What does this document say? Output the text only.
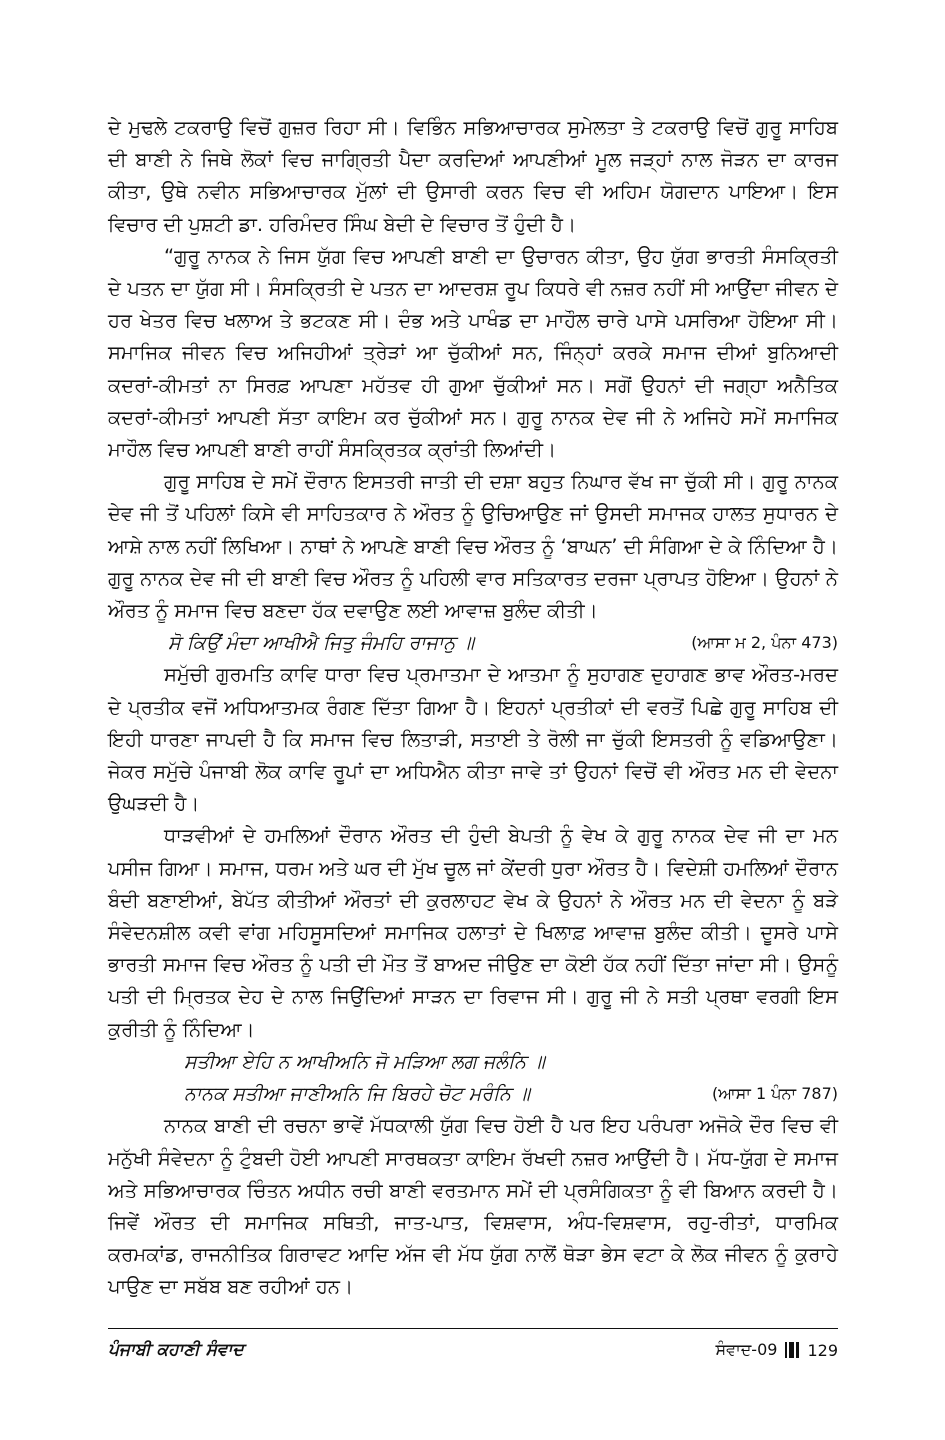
ਦੇ ਮੁਢਲੇ ਟਕਰਾਉ ਵਿਚੋਂ ਗੁਜ਼ਰ ਰਿਹਾ ਸੀ। ਵਿਭਿੰਨ ਸਭਿਆਚਾਰਕ ਸੁਮੇਲਤਾ ਤੇ ਟਕਰਾਉ ਵਿਚੋਂ ਗੁਰੂ ਸਾਹਿਬ ਦੀ ਬਾਣੀ ਨੇ ਜਿਥੇ ਲੋਕਾਂ ਵਿਚ ਜਾਗ੍ਰਿਤੀ ਪੈਦਾ ਕਰਦਿਆਂ ਆਪਣੀਆਂ ਮੂਲ ਜੜ੍ਹਾਂ ਨਾਲ ਜੋੜਨ ਦਾ ਕਾਰਜ ਕੀਤਾ, ਉਥੇ ਨਵੀਨ ਸਭਿਆਚਾਰਕ ਮੁੱਲਾਂ ਦੀ ਉਸਾਰੀ ਕਰਨ ਵਿਚ ਵੀ ਅਹਿਮ ਯੋਗਦਾਨ ਪਾਇਆ। ਇਸ ਵਿਚਾਰ ਦੀ ਪੁਸ਼ਟੀ ਡਾ. ਹਰਿਮੰਦਰ ਸਿੰਘ ਬੇਦੀ ਦੇ ਵਿਚਾਰ ਤੋਂ ਹੁੰਦੀ ਹੈ।

“ਗੁਰੂ ਨਾਨਕ ਨੇ ਜਿਸ ਯੁੱਗ ਵਿਚ ਆਪਣੀ ਬਾਣੀ ਦਾ ਉਚਾਰਨ ਕੀਤਾ, ਉਹ ਯੁੱਗ ਭਾਰਤੀ ਸੰਸਕ੍ਰਿਤੀ ਦੇ ਪਤਨ ਦਾ ਯੁੱਗ ਸੀ। ਸੰਸਕ੍ਰਿਤੀ ਦੇ ਪਤਨ ਦਾ ਆਦਰਸ਼ ਰੂਪ ਕਿਧਰੇ ਵੀ ਨਜ਼ਰ ਨਹੀਂ ਸੀ ਆਉਂਦਾ ਜੀਵਨ ਦੇ ਹਰ ਖੇਤਰ ਵਿਚ ਖਲਾਅ ਤੇ ਭਟਕਣ ਸੀ। ਦੰਭ ਅਤੇ ਪਾਖੰਡ ਦਾ ਮਾਹੌਲ ਚਾਰੇ ਪਾਸੇ ਪਸਰਿਆ ਹੋਇਆ ਸੀ। ਸਮਾਜਿਕ ਜੀਵਨ ਵਿਚ ਅਜਿਹੀਆਂ ਤ੍ਰੇੜਾਂ ਆ ਚੁੱਕੀਆਂ ਸਨ, ਜਿੰਨ੍ਹਾਂ ਕਰਕੇ ਸਮਾਜ ਦੀਆਂ ਬੁਨਿਆਦੀ ਕਦਰਾਂ-ਕੀਮਤਾਂ ਨਾ ਸਿਰਫ਼ ਆਪਣਾ ਮਹੱਤਵ ਹੀ ਗੁਆ ਚੁੱਕੀਆਂ ਸਨ। ਸਗੋਂ ਉਹਨਾਂ ਦੀ ਜਗ੍ਹਾ ਅਨੈਤਿਕ ਕਦਰਾਂ-ਕੀਮਤਾਂ ਆਪਣੀ ਸੱਤਾ ਕਾਇਮ ਕਰ ਚੁੱਕੀਆਂ ਸਨ। ਗੁਰੂ ਨਾਨਕ ਦੇਵ ਜੀ ਨੇ ਅਜਿਹੇ ਸਮੇਂ ਸਮਾਜਿਕ ਮਾਹੌਲ ਵਿਚ ਆਪਣੀ ਬਾਣੀ ਰਾਹੀਂ ਸੰਸਕ੍ਰਿਤਕ ਕ੍ਰਾਂਤੀ ਲਿਆਂਦੀ।

ਗੁਰੂ ਸਾਹਿਬ ਦੇ ਸਮੇਂ ਦੌਰਾਨ ਇਸਤਰੀ ਜਾਤੀ ਦੀ ਦਸ਼ਾ ਬਹੁਤ ਨਿਘਾਰ ਵੱਖ ਜਾ ਚੁੱਕੀ ਸੀ। ਗੁਰੂ ਨਾਨਕ ਦੇਵ ਜੀ ਤੋਂ ਪਹਿਲਾਂ ਕਿਸੇ ਵੀ ਸਾਹਿਤਕਾਰ ਨੇ ਔਰਤ ਨੂੰ ਉਚਿਆਉਣ ਜਾਂ ਉਸਦੀ ਸਮਾਜਕ ਹਾਲਤ ਸੁਧਾਰਨ ਦੇ ਆਸ਼ੇ ਨਾਲ ਨਹੀਂ ਲਿਖਿਆ। ਨਾਥਾਂ ਨੇ ਆਪਣੇ ਬਾਣੀ ਵਿਚ ਔਰਤ ਨੂੰ ‘ਬਾਘਨ’ ਦੀ ਸੰਗਿਆ ਦੇ ਕੇ ਨਿੰਦਿਆ ਹੈ। ਗੁਰੂ ਨਾਨਕ ਦੇਵ ਜੀ ਦੀ ਬਾਣੀ ਵਿਚ ਔਰਤ ਨੂੰ ਪਹਿਲੀ ਵਾਰ ਸਤਿਕਾਰਤ ਦਰਜਾ ਪ੍ਰਾਪਤ ਹੋਇਆ। ਉਹਨਾਂ ਨੇ ਔਰਤ ਨੂੰ ਸਮਾਜ ਵਿਚ ਬਣਦਾ ਹੱਕ ਦਵਾਉਣ ਲਈ ਆਵਾਜ਼ ਬੁਲੰਦ ਕੀਤੀ।

ਸੋ ਕਿਉਂ ਮੰਦਾ ਆਖੀਐ ਜਿਤੁ ਜੰਮਹਿ ਰਾਜਾਨੁ ॥	(ਆਸਾ ਮ 2, ਪੰਨਾ 473)

ਸਮੁੱਚੀ ਗੁਰਮਤਿ ਕਾਵਿ ਧਾਰਾ ਵਿਚ ਪ੍ਰਮਾਤਮਾ ਦੇ ਆਤਮਾ ਨੂੰ ਸੁਹਾਗਣ ਦੁਹਾਗਣ ਭਾਵ ਔਰਤ-ਮਰਦ ਦੇ ਪ੍ਰਤੀਕ ਵਜੋਂ ਅਧਿਆਤਮਕ ਰੰਗਣ ਦਿੱਤਾ ਗਿਆ ਹੈ। ਇਹਨਾਂ ਪ੍ਰਤੀਕਾਂ ਦੀ ਵਰਤੋਂ ਪਿਛੇ ਗੁਰੂ ਸਾਹਿਬ ਦੀ ਇਹੀ ਧਾਰਣਾ ਜਾਪਦੀ ਹੈ ਕਿ ਸਮਾਜ ਵਿਚ ਲਿਤਾੜੀ, ਸਤਾਈ ਤੇ ਰੋਲੀ ਜਾ ਚੁੱਕੀ ਇਸਤਰੀ ਨੂੰ ਵਡਿਆਉਣਾ। ਜੇਕਰ ਸਮੁੱਚੇ ਪੰਜਾਬੀ ਲੋਕ ਕਾਵਿ ਰੂਪਾਂ ਦਾ ਅਧਿਐਨ ਕੀਤਾ ਜਾਵੇ ਤਾਂ ਉਹਨਾਂ ਵਿਚੋਂ ਵੀ ਔਰਤ ਮਨ ਦੀ ਵੇਦਨਾ ਉਘੜਦੀ ਹੈ।

ਧਾੜਵੀਆਂ ਦੇ ਹਮਲਿਆਂ ਦੌਰਾਨ ਔਰਤ ਦੀ ਹੁੰਦੀ ਬੇਪਤੀ ਨੂੰ ਵੇਖ ਕੇ ਗੁਰੂ ਨਾਨਕ ਦੇਵ ਜੀ ਦਾ ਮਨ ਪਸੀਜ ਗਿਆ। ਸਮਾਜ, ਧਰਮ ਅਤੇ ਘਰ ਦੀ ਮੁੱਖ ਚੂਲ ਜਾਂ ਕੇਂਦਰੀ ਧੁਰਾ ਔਰਤ ਹੈ। ਵਿਦੇਸ਼ੀ ਹਮਲਿਆਂ ਦੌਰਾਨ ਬੰਦੀ ਬਣਾਈਆਂ, ਬੇਪੱਤ ਕੀਤੀਆਂ ਔਰਤਾਂ ਦੀ ਕੁਰਲਾਹਟ ਵੇਖ ਕੇ ਉਹਨਾਂ ਨੇ ਔਰਤ ਮਨ ਦੀ ਵੇਦਨਾ ਨੂੰ ਬੜੇ ਸੰਵੇਦਨਸ਼ੀਲ ਕਵੀ ਵਾਂਗ ਮਹਿਸੂਸਦਿਆਂ ਸਮਾਜਿਕ ਹਲਾਤਾਂ ਦੇ ਖਿਲਾਫ਼ ਆਵਾਜ਼ ਬੁਲੰਦ ਕੀਤੀ। ਦੂਸਰੇ ਪਾਸੇ ਭਾਰਤੀ ਸਮਾਜ ਵਿਚ ਔਰਤ ਨੂੰ ਪਤੀ ਦੀ ਮੌਤ ਤੋਂ ਬਾਅਦ ਜੀਉਣ ਦਾ ਕੋਈ ਹੱਕ ਨਹੀਂ ਦਿੱਤਾ ਜਾਂਦਾ ਸੀ। ਉਸਨੂੰ ਪਤੀ ਦੀ ਮ੍ਰਿਤਕ ਦੇਹ ਦੇ ਨਾਲ ਜਿਉਂਦਿਆਂ ਸਾੜਨ ਦਾ ਰਿਵਾਜ ਸੀ। ਗੁਰੂ ਜੀ ਨੇ ਸਤੀ ਪ੍ਰਥਾ ਵਰਗੀ ਇਸ ਕੁਰੀਤੀ ਨੂੰ ਨਿੰਦਿਆ।

ਸਤੀਆ ਏਹਿ ਨ ਆਖੀਅਨਿ ਜੋ ਮੜਿਆ ਲਗ ਜਲੰਨਿ ॥
ਨਾਨਕ ਸਤੀਆ ਜਾਣੀਅਨਿ ਜਿ ਬਿਰਹੇ ਚੋਟ ਮਰੰਨਿ ॥	(ਆਸਾ 1 ਪੰਨਾ 787)

ਨਾਨਕ ਬਾਣੀ ਦੀ ਰਚਨਾ ਭਾਵੇਂ ਮੱਧਕਾਲੀ ਯੁੱਗ ਵਿਚ ਹੋਈ ਹੈ ਪਰ ਇਹ ਪਰੰਪਰਾ ਅਜੋਕੇ ਦੌਰ ਵਿਚ ਵੀ ਮਨੁੱਖੀ ਸੰਵੇਦਨਾ ਨੂੰ ਟੁੰਬਦੀ ਹੋਈ ਆਪਣੀ ਸਾਰਥਕਤਾ ਕਾਇਮ ਰੱਖਦੀ ਨਜ਼ਰ ਆਉਂਦੀ ਹੈ। ਮੱਧ-ਯੁੱਗ ਦੇ ਸਮਾਜ ਅਤੇ ਸਭਿਆਚਾਰਕ ਚਿੰਤਨ ਅਧੀਨ ਰਚੀ ਬਾਣੀ ਵਰਤਮਾਨ ਸਮੇਂ ਦੀ ਪ੍ਰਸੰਗਿਕਤਾ ਨੂੰ ਵੀ ਬਿਆਨ ਕਰਦੀ ਹੈ। ਜਿਵੇਂ ਔਰਤ ਦੀ ਸਮਾਜਿਕ ਸਥਿਤੀ, ਜਾਤ-ਪਾਤ, ਵਿਸ਼ਵਾਸ, ਅੰਧ-ਵਿਸ਼ਵਾਸ, ਰਹੁ-ਰੀਤਾਂ, ਧਾਰਮਿਕ ਕਰਮਕਾਂਡ, ਰਾਜਨੀਤਿਕ ਗਿਰਾਵਟ ਆਦਿ ਅੱਜ ਵੀ ਮੱਧ ਯੁੱਗ ਨਾਲੋਂ ਥੋੜਾ ਭੇਸ ਵਟਾ ਕੇ ਲੋਕ ਜੀਵਨ ਨੂੰ ਕੁਰਾਹੇ ਪਾਉਣ ਦਾ ਸਬੱਬ ਬਣ ਰਹੀਆਂ ਹਨ।

ਪੰਜਾਬੀ ਕਹਾਣੀ ਸੰਵਾਦ	ਸੰਵਾਦ-09 129
